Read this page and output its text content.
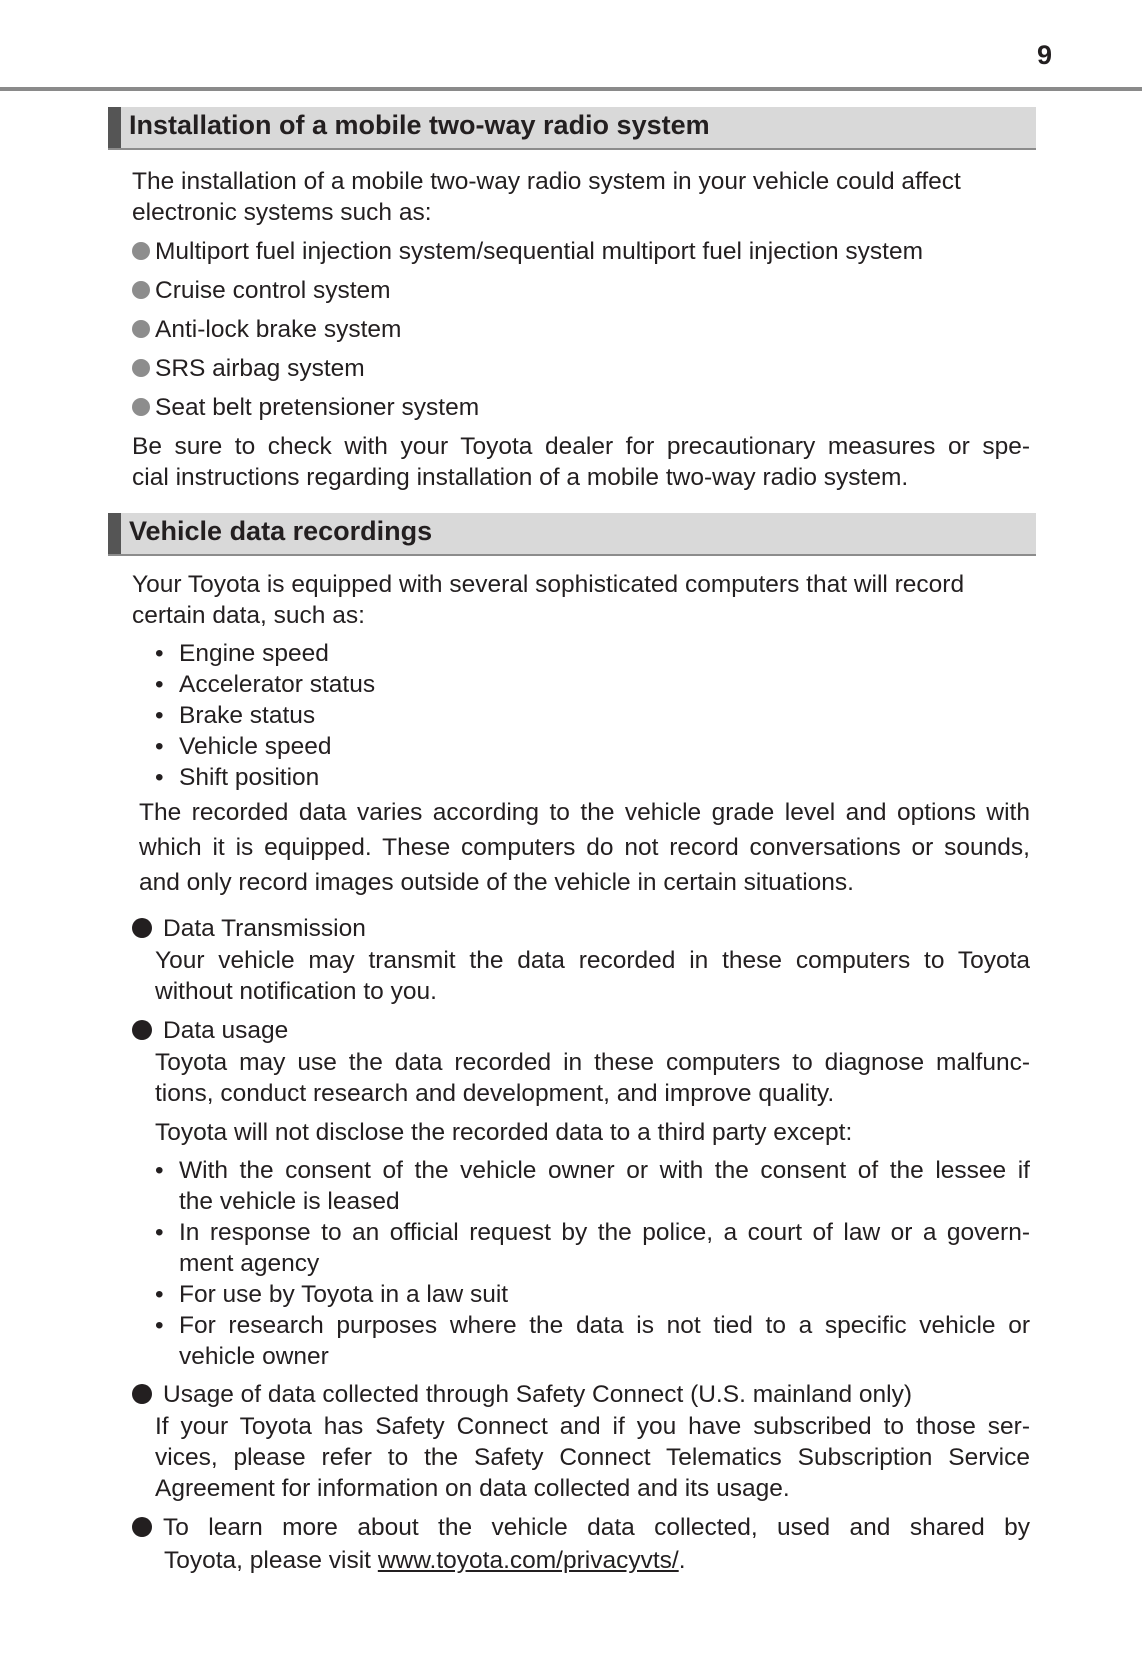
9
Installation of a mobile two-way radio system

The installation of a mobile two-way radio system in your vehicle could affect electronic systems such as:

Multiport fuel injection system/sequential multiport fuel injection system
Cruise control system
Anti-lock brake system
SRS airbag system
Seat belt pretensioner system
Be sure to check with your Toyota dealer for precautionary measures or spe-
cial instructions regarding installation of a mobile two-way radio system.
Vehicle data recordings

Your Toyota is equipped with several sophisticated computers that will record certain data, such as:

• Engine speed
• Accelerator status
• Brake status
• Vehicle speed
• Shift position

The recorded data varies according to the vehicle grade level and options with which it is equipped. These computers do not record conversations or sounds, and only record images outside of the vehicle in certain situations.

Data Transmission

Your vehicle may transmit the data recorded in these computers to Toyota without notification to you.

Data usage
Toyota may use the data recorded in these computers to diagnose malfunc-
tions, conduct research and development, and improve quality.
Toyota will not disclose the recorded data to a third party except:
• With the consent of the vehicle owner or with the consent of the lessee if
the vehicle is leased
• In response to an official request by the police, a court of law or a govern-
ment agency
• For use by Toyota in a law suit
• For research purposes where the data is not tied to a specific vehicle or
vehicle owner
Usage of data collected through Safety Connect (U.S. mainland only)
If your Toyota has Safety Connect and if you have subscribed to those ser-
vices, please refer to the Safety Connect Telematics Subscription Service
Agreement for information on data collected and its usage.
To learn more about the vehicle data collected, used and shared by
Toyota, please visit www.toyota.com/privacyvts/.
